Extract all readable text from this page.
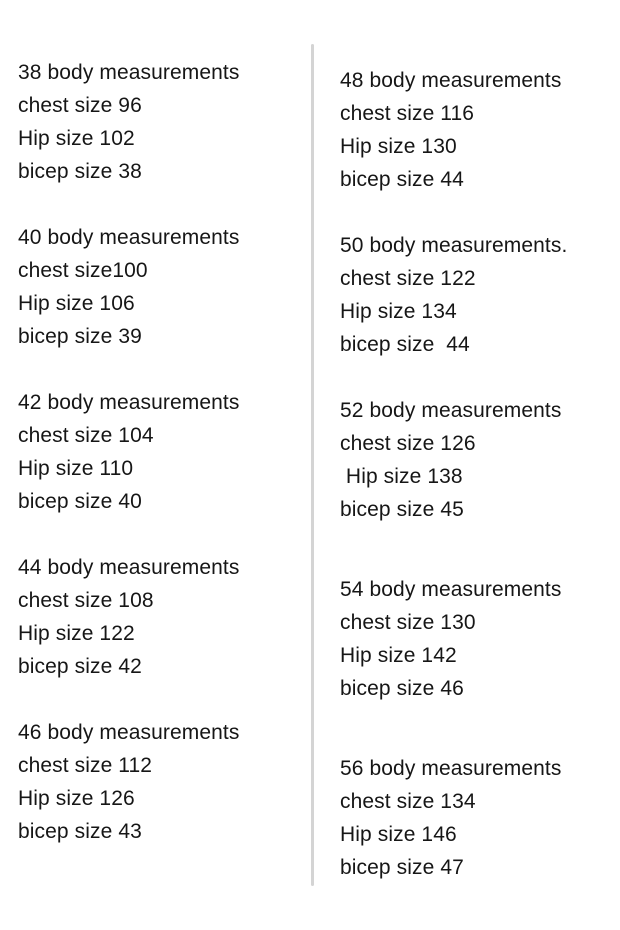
38 body measurements
chest size 96
Hip size 102
bicep size 38
40 body measurements
chest size100
Hip size 106
bicep size 39
42 body measurements
chest size 104
Hip size 110
bicep size 40
44 body measurements
chest size 108
Hip size 122
bicep size 42
46 body measurements
chest size 112
Hip size 126
bicep size 43
48 body measurements
chest size 116
Hip size 130
bicep size 44
50 body measurements.
chest size 122
Hip size 134
bicep size  44
52 body measurements
chest size 126
Hip size 138
bicep size 45
54 body measurements
chest size 130
Hip size 142
bicep size 46
56 body measurements
chest size 134
Hip size 146
bicep size 47
